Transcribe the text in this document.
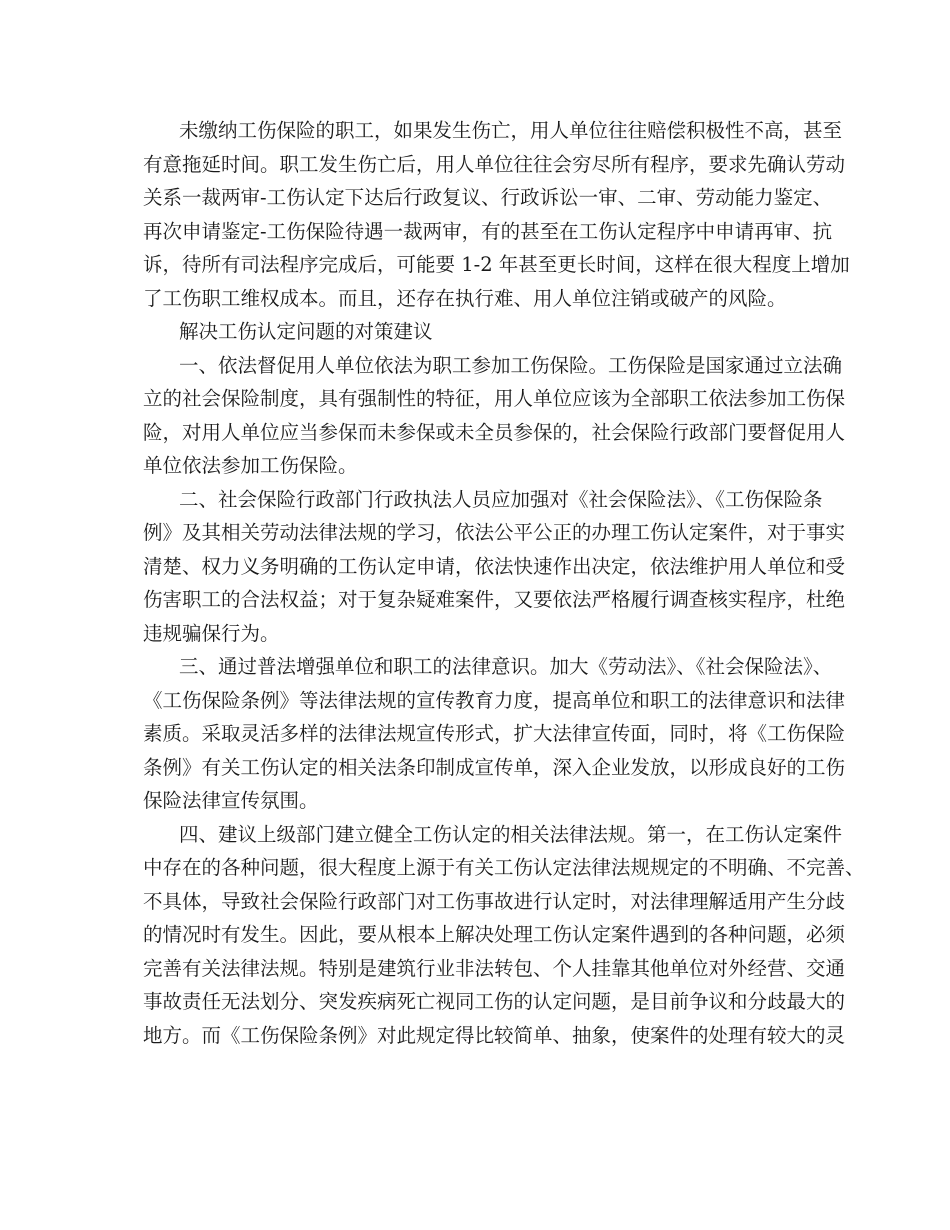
未缴纳工伤保险的职工，如果发生伤亡，用人单位往往赔偿积极性不高，甚至
有意拖延时间。职工发生伤亡后，用人单位往往会穷尽所有程序，要求先确认劳动
关系一裁两审-工伤认定下达后行政复议、行政诉讼一审、二审、劳动能力鉴定、
再次申请鉴定-工伤保险待遇一裁两审，有的甚至在工伤认定程序中申请再审、抗
诉，待所有司法程序完成后，可能要 1-2 年甚至更长时间，这样在很大程度上增加
了工伤职工维权成本。而且，还存在执行难、用人单位注销或破产的风险。
解决工伤认定问题的对策建议
一、依法督促用人单位依法为职工参加工伤保险。工伤保险是国家通过立法确
立的社会保险制度，具有强制性的特征，用人单位应该为全部职工依法参加工伤保
险，对用人单位应当参保而未参保或未全员参保的，社会保险行政部门要督促用人
单位依法参加工伤保险。
二、社会保险行政部门行政执法人员应加强对《社会保险法》、《工伤保险条
例》及其相关劳动法律法规的学习，依法公平公正的办理工伤认定案件，对于事实
清楚、权力义务明确的工伤认定申请，依法快速作出决定，依法维护用人单位和受
伤害职工的合法权益；对于复杂疑难案件，又要依法严格履行调查核实程序，杜绝
违规骗保行为。
三、通过普法增强单位和职工的法律意识。加大《劳动法》、《社会保险法》、
《工伤保险条例》等法律法规的宣传教育力度，提高单位和职工的法律意识和法律
素质。采取灵活多样的法律法规宣传形式，扩大法律宣传面，同时，将《工伤保险
条例》有关工伤认定的相关法条印制成宣传单，深入企业发放，以形成良好的工伤
保险法律宣传氛围。
四、建议上级部门建立健全工伤认定的相关法律法规。第一，在工伤认定案件
中存在的各种问题，很大程度上源于有关工伤认定法律法规规定的不明确、不完善、
不具体，导致社会保险行政部门对工伤事故进行认定时，对法律理解适用产生分歧
的情况时有发生。因此，要从根本上解决处理工伤认定案件遇到的各种问题，必须
完善有关法律法规。特别是建筑行业非法转包、个人挂靠其他单位对外经营、交通
事故责任无法划分、突发疾病死亡视同工伤的认定问题，是目前争议和分歧最大的
地方。而《工伤保险条例》对此规定得比较简单、抽象，使案件的处理有较大的灵
